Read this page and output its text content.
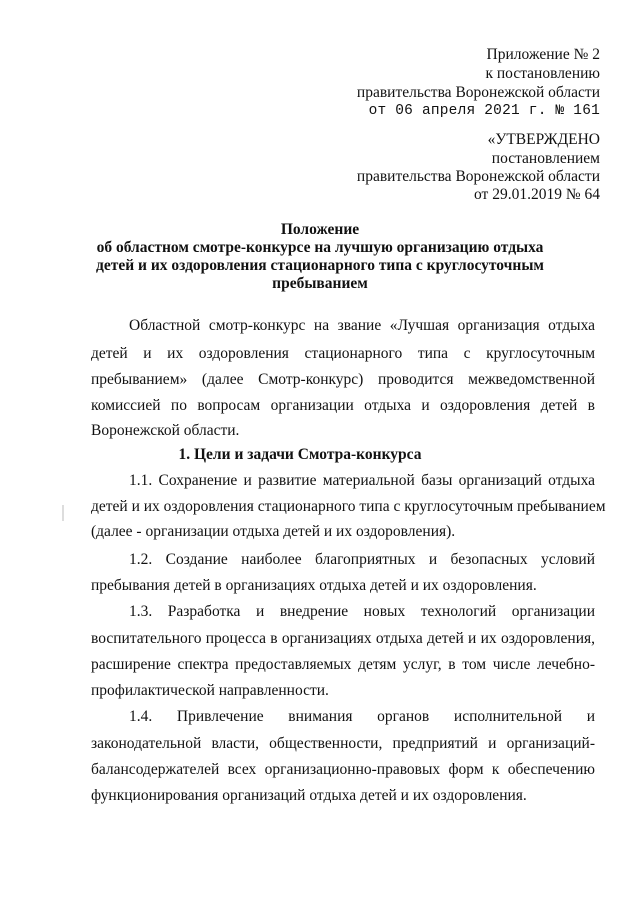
Приложение № 2
к постановлению
правительства Воронежской области
от 06 апреля 2021 г. № 161
«УТВЕРЖДЕНО
постановлением
правительства Воронежской области
от 29.01.2019 № 64
Положение
об областном смотре-конкурсе на лучшую организацию отдыха
детей и их оздоровления стационарного типа с круглосуточным
пребыванием
Областной смотр-конкурс на звание «Лучшая организация отдыха
детей и их оздоровления стационарного типа с круглосуточным
пребыванием» (далее Смотр-конкурс) проводится межведомственной
комиссией по вопросам организации отдыха и оздоровления детей в
Воронежской области.
1. Цели и задачи Смотра-конкурса
1.1. Сохранение и развитие материальной базы организаций отдыха
детей и их оздоровления стационарного типа с круглосуточным пребыванием
(далее - организации отдыха детей и их оздоровления).
1.2. Создание наиболее благоприятных и безопасных условий
пребывания детей в организациях отдыха детей и их оздоровления.
1.3. Разработка и внедрение новых технологий организации
воспитательного процесса в организациях отдыха детей и их оздоровления,
расширение спектра предоставляемых детям услуг, в том числе лечебно-
профилактической направленности.
1.4. Привлечение внимания органов исполнительной и
законодательной власти, общественности, предприятий и организаций-
балансодержателей всех организационно-правовых форм к обеспечению
функционирования организаций отдыха детей и их оздоровления.
